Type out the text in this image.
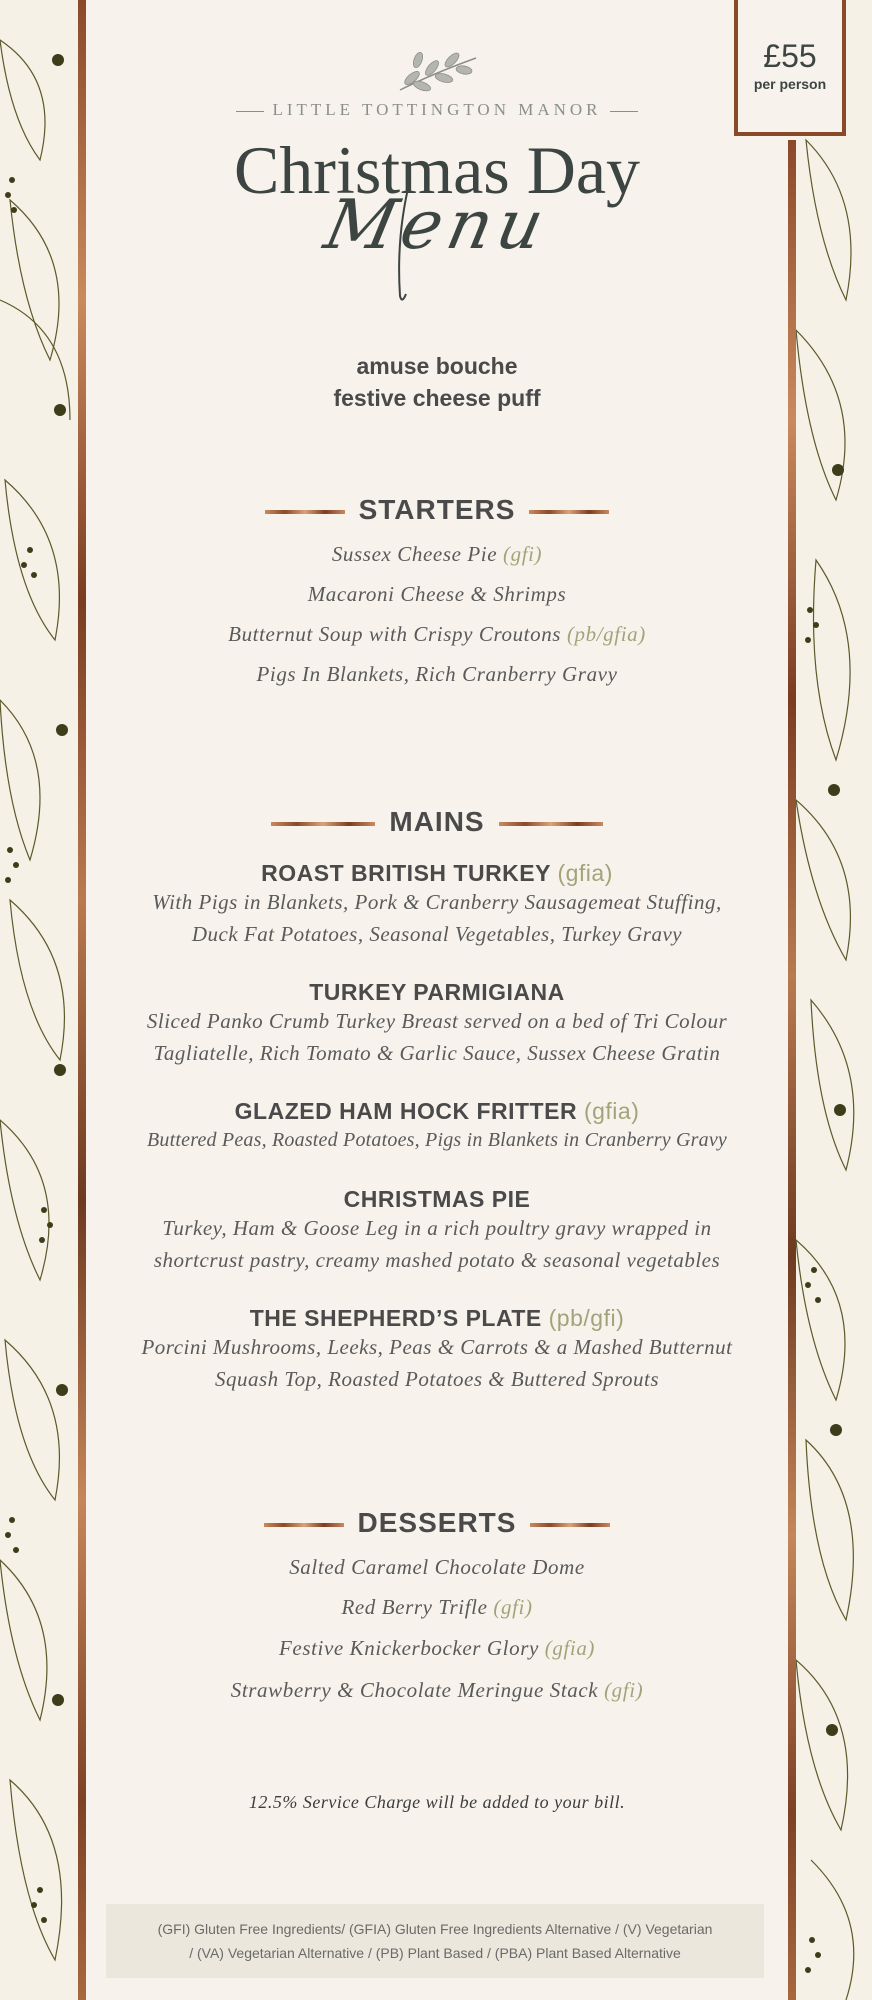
£55
per person
LITTLE TOTTINGTON MANOR
Christmas Day
Menu
amuse bouche
festive cheese puff
STARTERS
Sussex Cheese Pie (gfi)
Macaroni Cheese & Shrimps
Butternut Soup with Crispy Croutons (pb/gfia)
Pigs In Blankets, Rich Cranberry Gravy
MAINS
ROAST BRITISH TURKEY (gfia)
With Pigs in Blankets, Pork & Cranberry Sausagemeat Stuffing,
Duck Fat Potatoes, Seasonal Vegetables, Turkey Gravy
TURKEY PARMIGIANA
Sliced Panko Crumb Turkey Breast served on a bed of Tri Colour
Tagliatelle, Rich Tomato & Garlic Sauce, Sussex Cheese Gratin
GLAZED HAM HOCK FRITTER (gfia)
Buttered Peas, Roasted Potatoes, Pigs in Blankets in Cranberry Gravy
CHRISTMAS PIE
Turkey, Ham & Goose Leg in a rich poultry gravy wrapped in
shortcrust pastry, creamy mashed potato & seasonal vegetables
THE SHEPHERD’S PLATE (pb/gfi)
Porcini Mushrooms, Leeks, Peas & Carrots & a Mashed Butternut
Squash Top, Roasted Potatoes & Buttered Sprouts
DESSERTS
Salted Caramel Chocolate Dome
Red Berry Trifle (gfi)
Festive Knickerbocker Glory (gfia)
Strawberry & Chocolate Meringue Stack (gfi)
12.5% Service Charge will be added to your bill.
(GFI) Gluten Free Ingredients/ (GFIA) Gluten Free Ingredients Alternative / (V) Vegetarian
/ (VA) Vegetarian Alternative / (PB) Plant Based / (PBA) Plant Based Alternative
